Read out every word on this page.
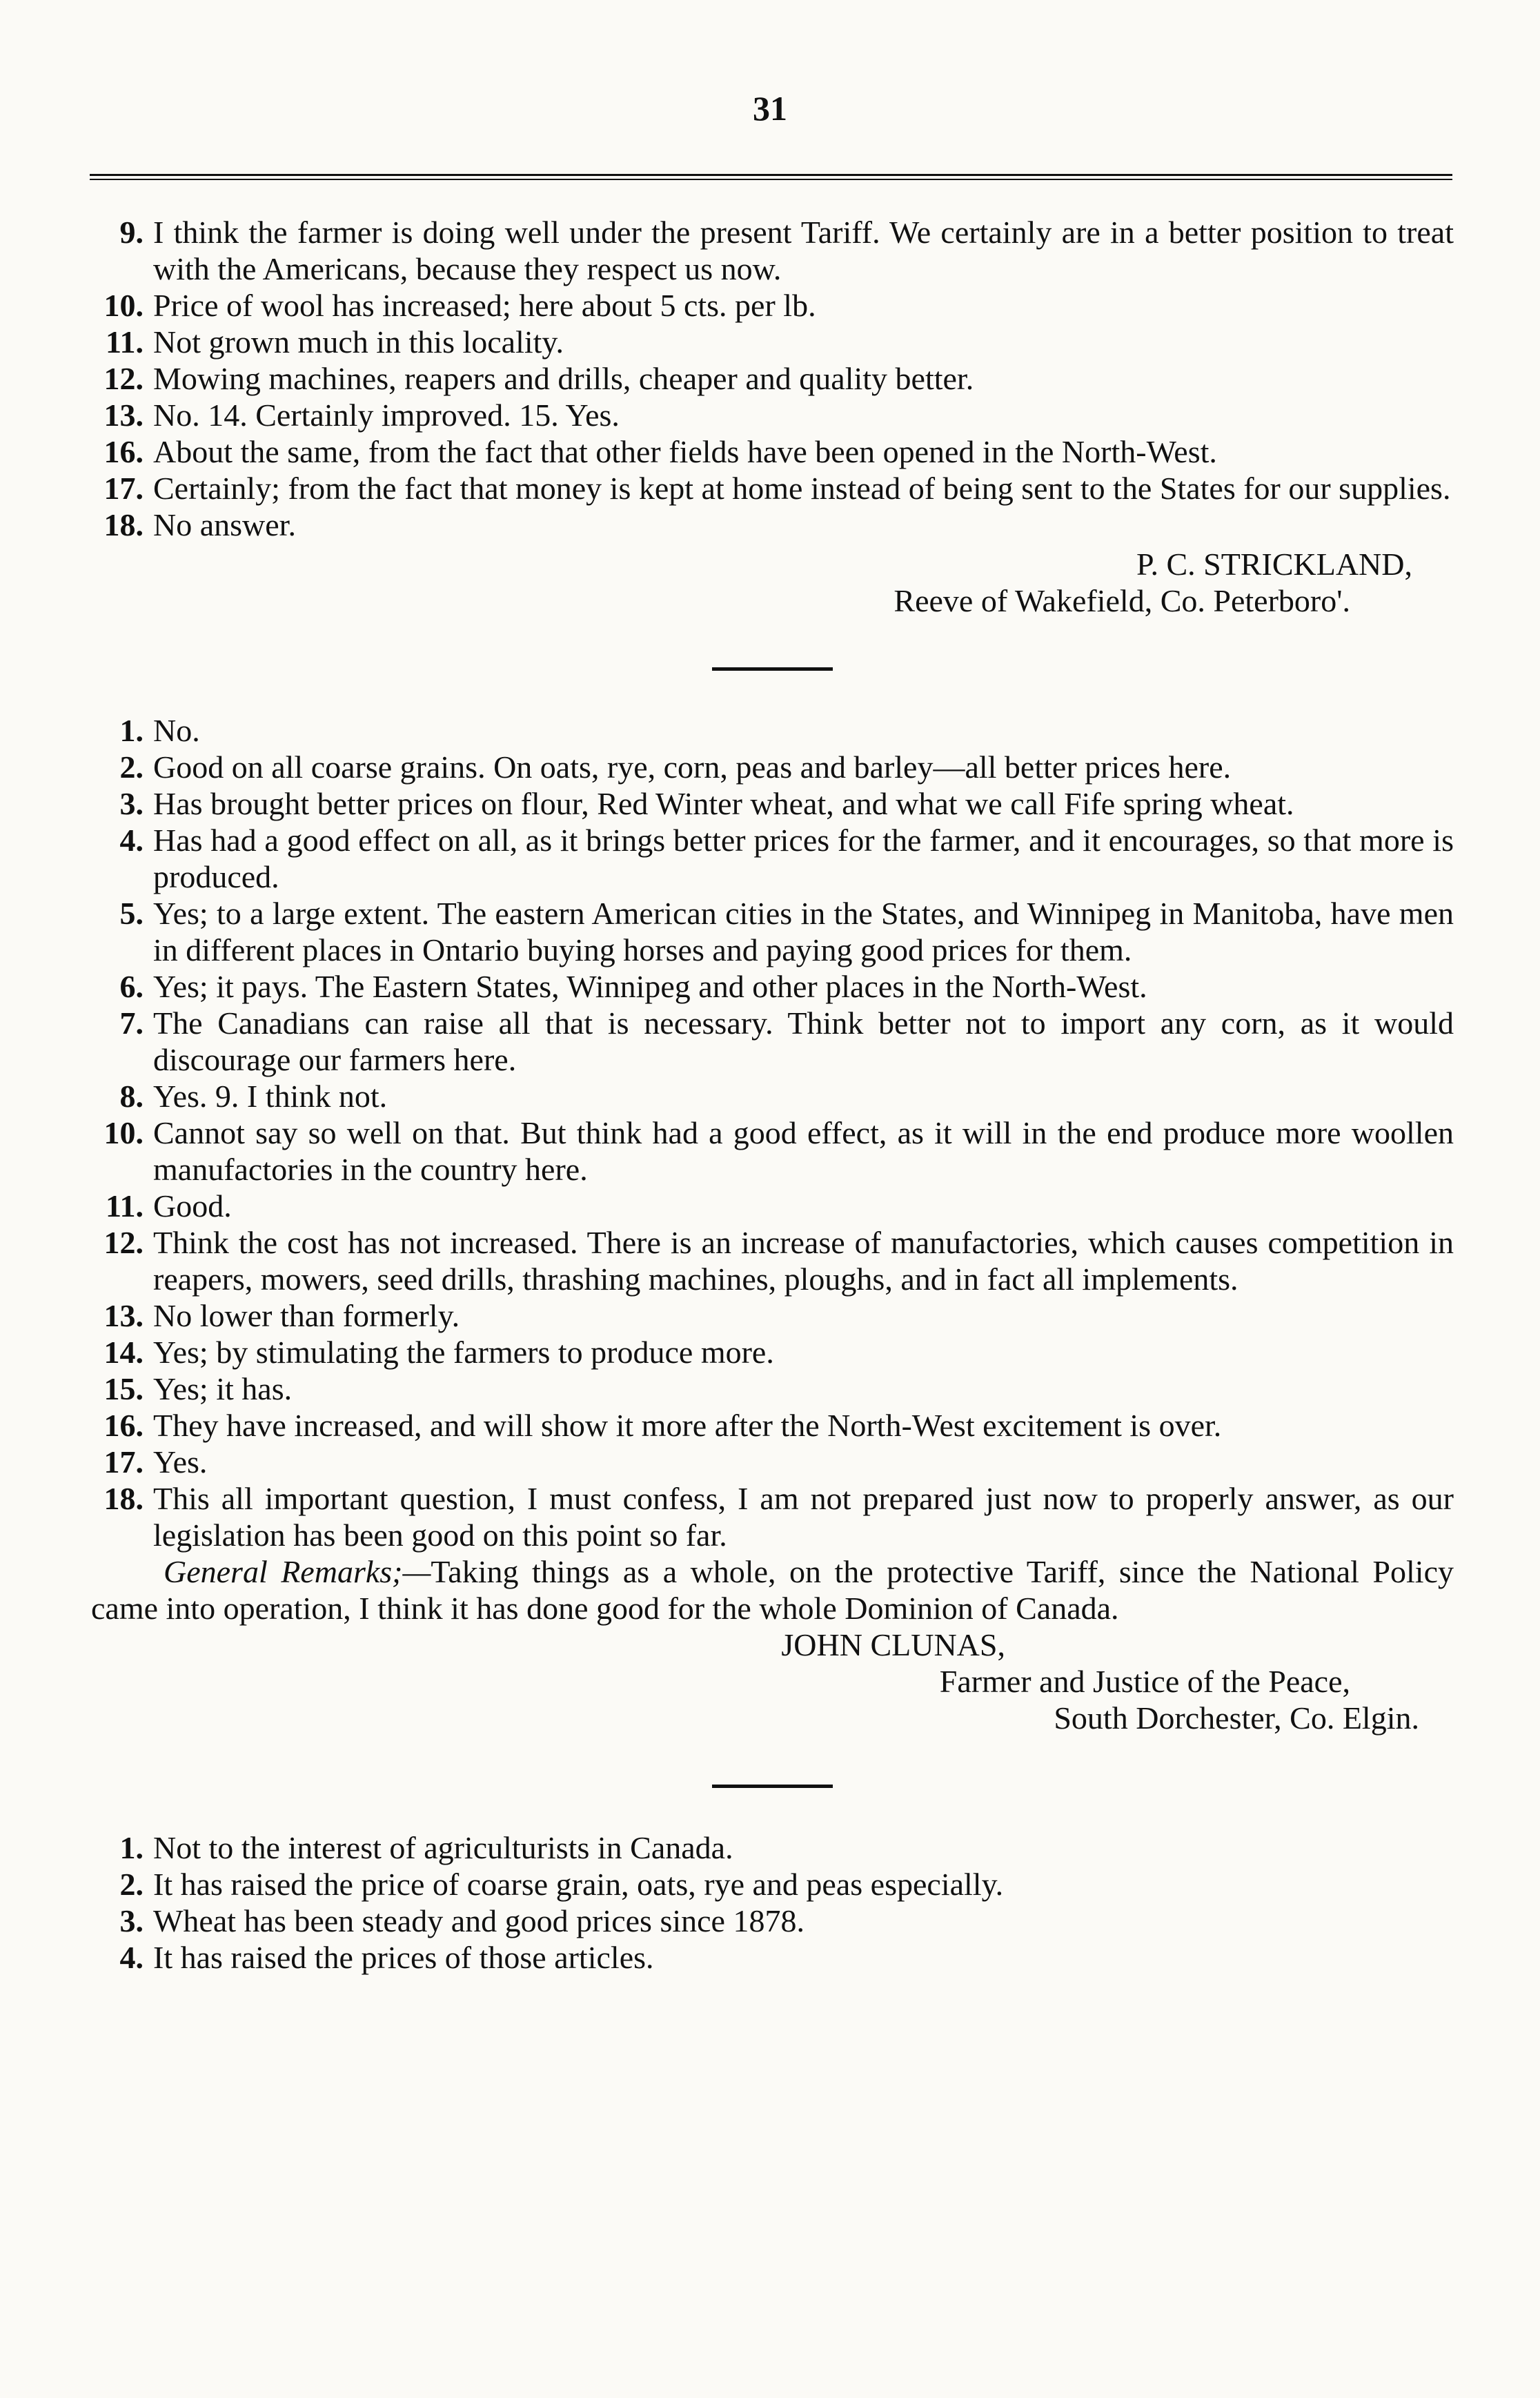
31
9. I think the farmer is doing well under the present Tariff. We certainly are in a better position to treat with the Americans, because they respect us now.
10. Price of wool has increased; here about 5 cts. per lb.
11. Not grown much in this locality.
12. Mowing machines, reapers and drills, cheaper and quality better.
13. No. 14. Certainly improved. 15. Yes.
16. About the same, from the fact that other fields have been opened in the North-West.
17. Certainly; from the fact that money is kept at home instead of being sent to the States for our supplies.
18. No answer.
P. C. STRICKLAND,
Reeve of Wakefield, Co. Peterboro'.
1. No.
2. Good on all coarse grains. On oats, rye, corn, peas and barley—all better prices here.
3. Has brought better prices on flour, Red Winter wheat, and what we call Fife spring wheat.
4. Has had a good effect on all, as it brings better prices for the farmer, and it encourages, so that more is produced.
5. Yes; to a large extent. The eastern American cities in the States, and Winnipeg in Manitoba, have men in different places in Ontario buying horses and paying good prices for them.
6. Yes; it pays. The Eastern States, Winnipeg and other places in the North-West.
7. The Canadians can raise all that is necessary. Think better not to import any corn, as it would discourage our farmers here.
8. Yes. 9. I think not.
10. Cannot say so well on that. But think had a good effect, as it will in the end produce more woollen manufactories in the country here.
11. Good.
12. Think the cost has not increased. There is an increase of manufactories, which causes competition in reapers, mowers, seed drills, thrashing machines, ploughs, and in fact all implements.
13. No lower than formerly.
14. Yes; by stimulating the farmers to produce more.
15. Yes; it has.
16. They have increased, and will show it more after the North-West excitement is over.
17. Yes.
18. This all important question, I must confess, I am not prepared just now to properly answer, as our legislation has been good on this point so far.
General Remarks;—Taking things as a whole, on the protective Tariff, since the National Policy came into operation, I think it has done good for the whole Dominion of Canada.
JOHN CLUNAS,
Farmer and Justice of the Peace,
South Dorchester, Co. Elgin.
1. Not to the interest of agriculturists in Canada.
2. It has raised the price of coarse grain, oats, rye and peas especially.
3. Wheat has been steady and good prices since 1878.
4. It has raised the prices of those articles.
